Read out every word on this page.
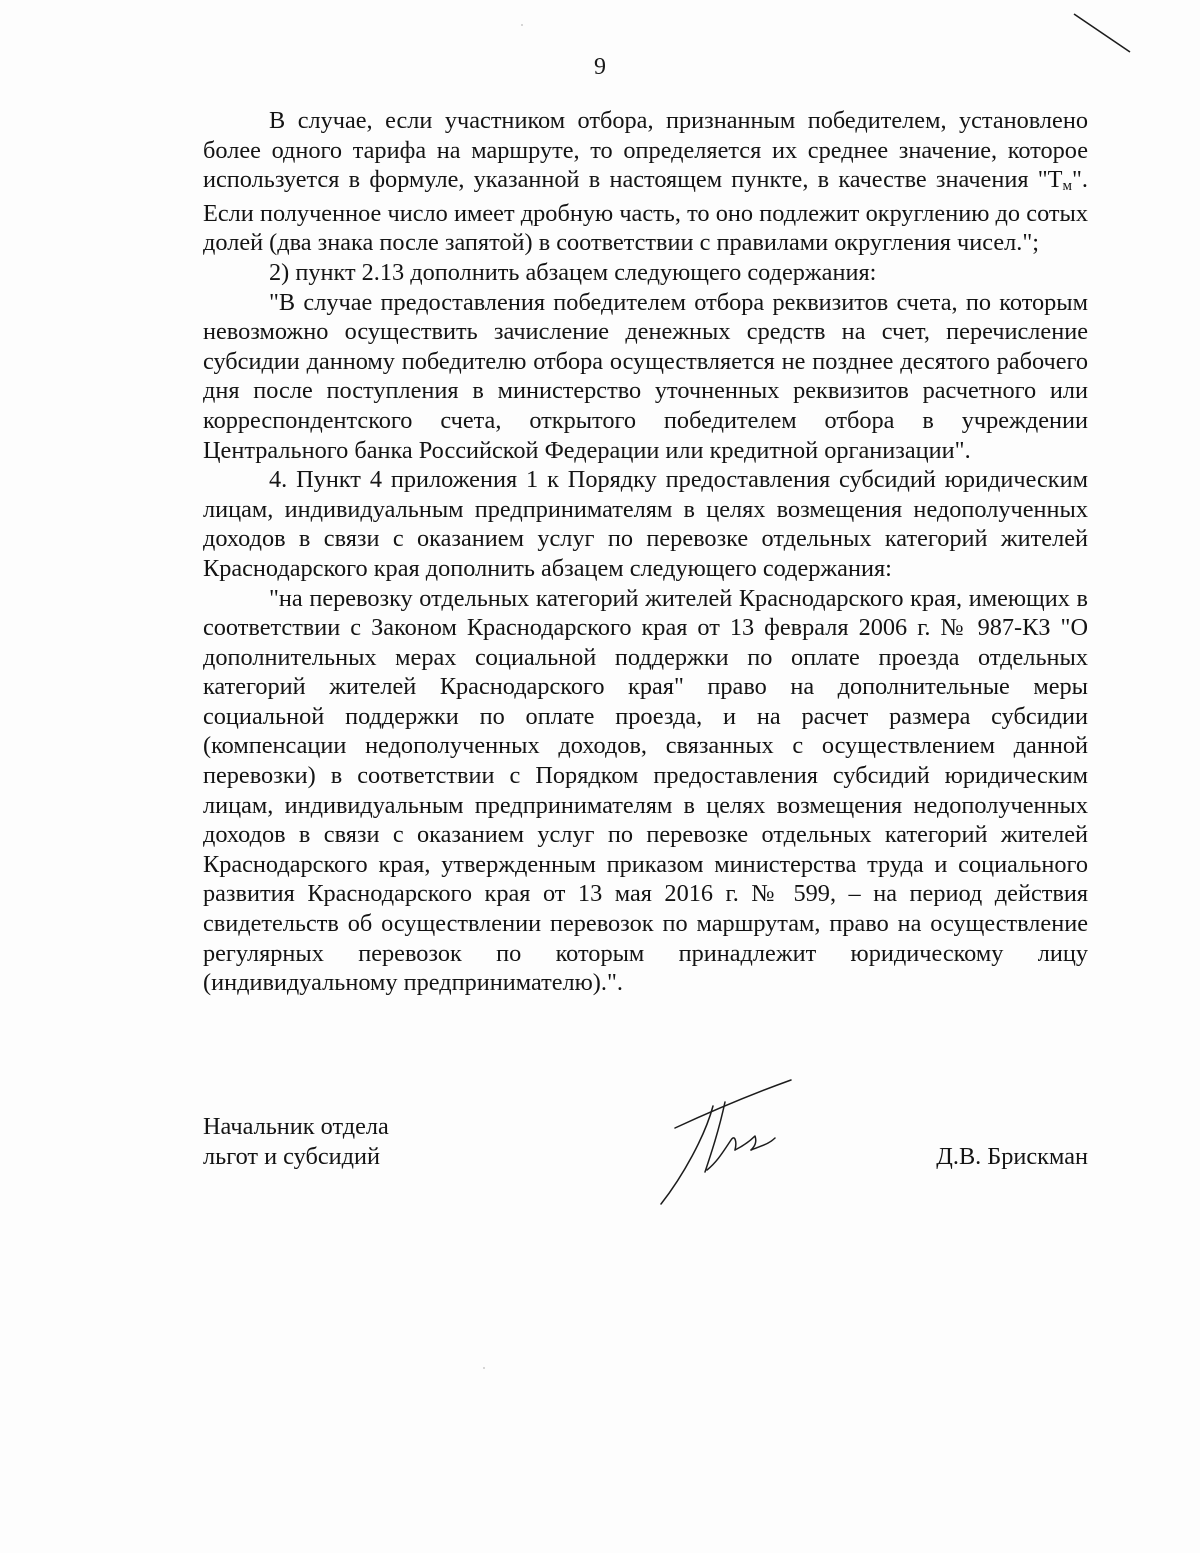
9

В случае, если участником отбора, признанным победителем, установлено более одного тарифа на маршруте, то определяется их среднее значение, которое используется в формуле, указанной в настоящем пункте, в качестве значения "Тм". Если полученное число имеет дробную часть, то оно подлежит округлению до сотых долей (два знака после запятой) в соответствии с правилами округления чисел.";

2) пункт 2.13 дополнить абзацем следующего содержания:

"В случае предоставления победителем отбора реквизитов счета, по которым невозможно осуществить зачисление денежных средств на счет, перечисление субсидии данному победителю отбора осуществляется не позднее десятого рабочего дня после поступления в министерство уточненных реквизитов расчетного или корреспондентского счета, открытого победителем отбора в учреждении Центрального банка Российской Федерации или кредитной организации".

4. Пункт 4 приложения 1 к Порядку предоставления субсидий юридическим лицам, индивидуальным предпринимателям в целях возмещения недополученных доходов в связи с оказанием услуг по перевозке отдельных категорий жителей Краснодарского края дополнить абзацем следующего содержания:

"на перевозку отдельных категорий жителей Краснодарского края, имеющих в соответствии с Законом Краснодарского края от 13 февраля 2006 г. № 987-КЗ "О дополнительных мерах социальной поддержки по оплате проезда отдельных категорий жителей Краснодарского края" право на дополнительные меры социальной поддержки по оплате проезда, и на расчет размера субсидии (компенсации недополученных доходов, связанных с осуществлением данной перевозки) в соответствии с Порядком предоставления субсидий юридическим лицам, индивидуальным предпринимателям в целях возмещения недополученных доходов в связи с оказанием услуг по перевозке отдельных категорий жителей Краснодарского края, утвержденным приказом министерства труда и социального развития Краснодарского края от 13 мая 2016 г. № 599, – на период действия свидетельств об осуществлении перевозок по маршрутам, право на осуществление регулярных перевозок по которым принадлежит юридическому лицу (индивидуальному предпринимателю).".

Начальник отдела
льгот и субсидий	Д.В. Брискман
